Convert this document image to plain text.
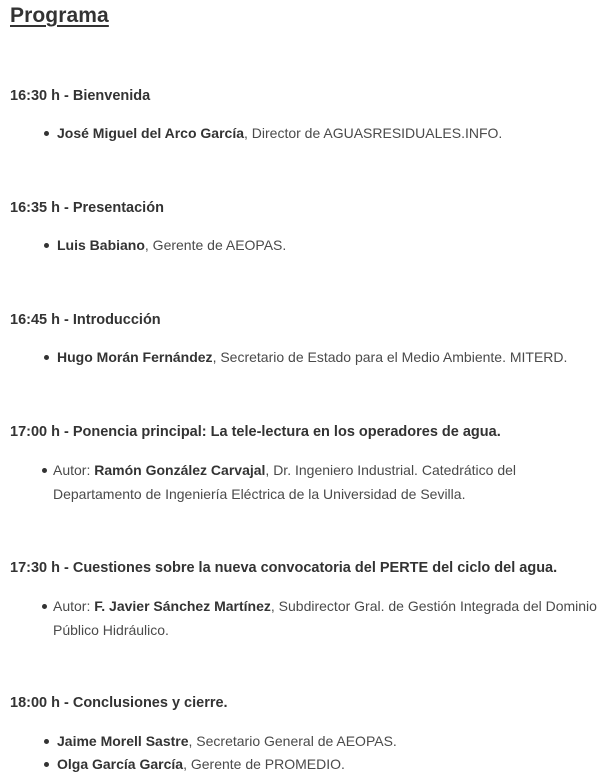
Programa

16:30 h - Bienvenida

José Miguel del Arco García, Director de AGUASRESIDUALES.INFO.

16:35 h - Presentación

Luis Babiano, Gerente de AEOPAS.

16:45 h - Introducción

Hugo Morán Fernández, Secretario de Estado para el Medio Ambiente. MITERD.

17:00 h - Ponencia principal: La tele-lectura en los operadores de agua.

Autor: Ramón González Carvajal, Dr. Ingeniero Industrial. Catedrático del Departamento de Ingeniería Eléctrica de la Universidad de Sevilla.

17:30 h - Cuestiones sobre la nueva convocatoria del PERTE del ciclo del agua.

Autor: F. Javier Sánchez Martínez, Subdirector Gral. de Gestión Integrada del Dominio Público Hidráulico.

18:00 h - Conclusiones y cierre.

Jaime Morell Sastre, Secretario General de AEOPAS.

Olga García García, Gerente de PROMEDIO.
